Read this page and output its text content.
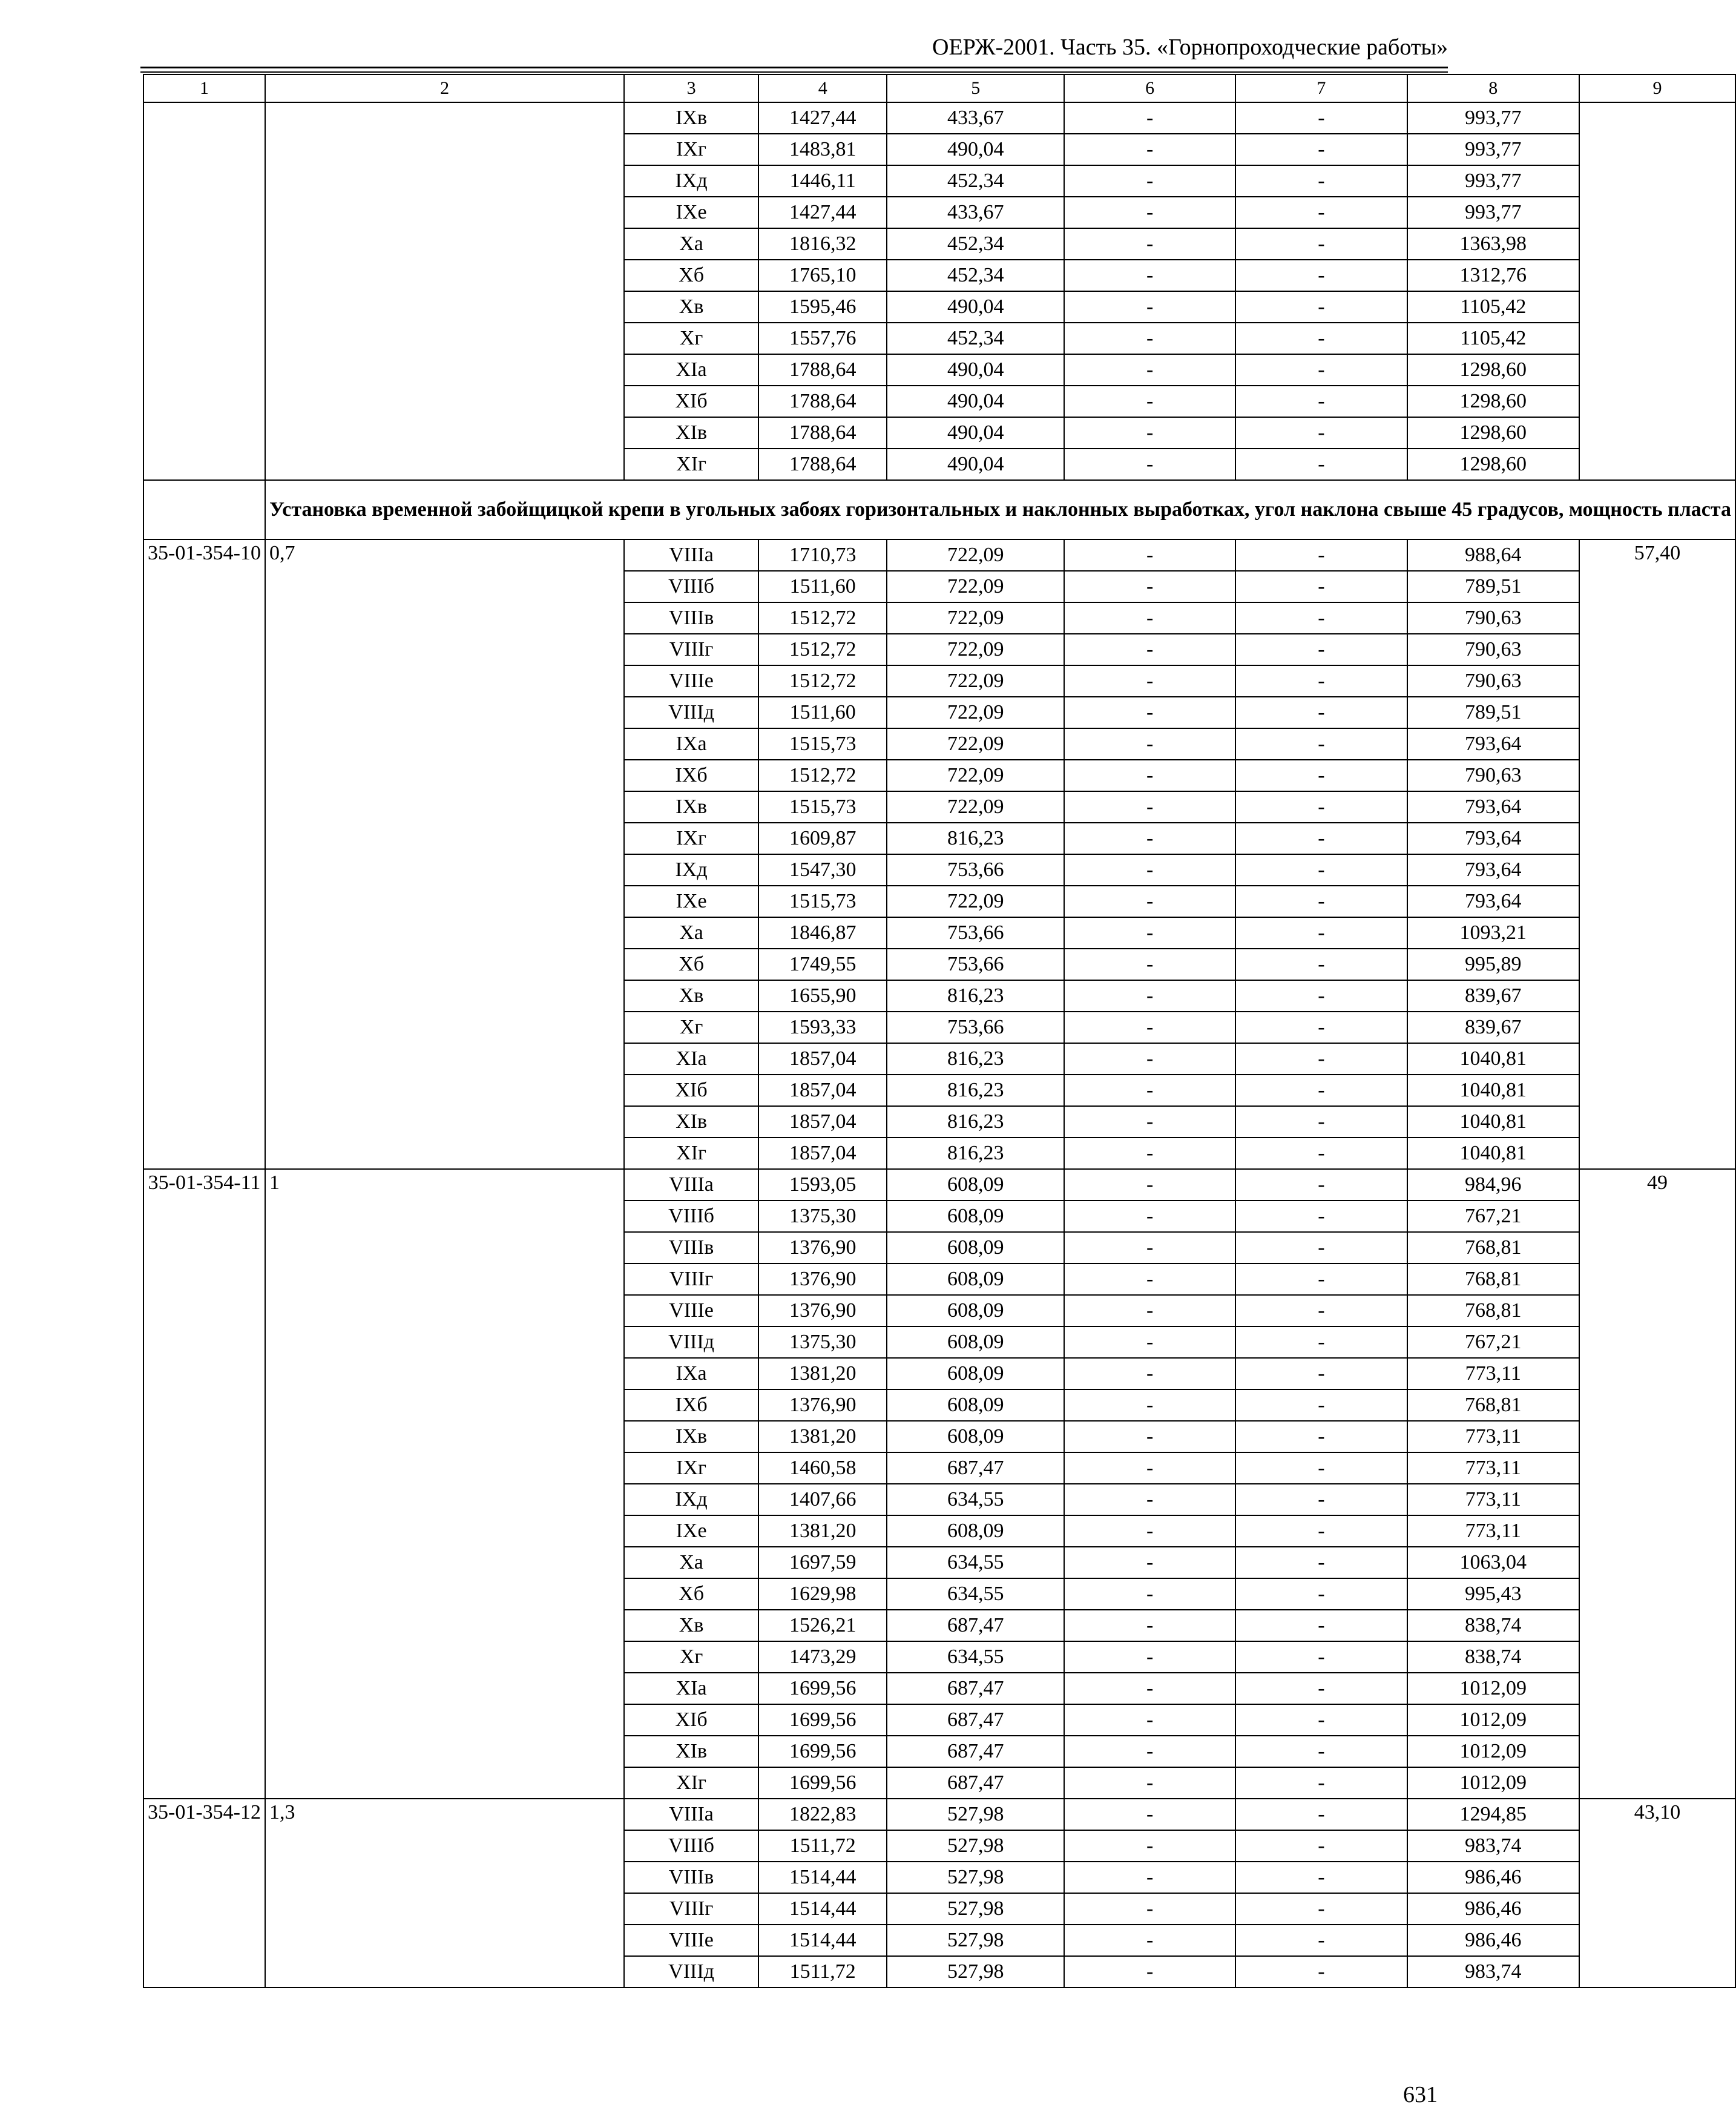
ОЕРЖ-2001. Часть 35. «Горнопроходческие работы»
1	2	3	4	5	6	7	8	9
		IXв	1427,44	433,67	-	-	993,77	
		IXг	1483,81	490,04	-	-	993,77	
		IXд	1446,11	452,34	-	-	993,77	
		IXе	1427,44	433,67	-	-	993,77	
		Xа	1816,32	452,34	-	-	1363,98	
		Xб	1765,10	452,34	-	-	1312,76	
		Xв	1595,46	490,04	-	-	1105,42	
		Xг	1557,76	452,34	-	-	1105,42	
		XIа	1788,64	490,04	-	-	1298,60	
		XIб	1788,64	490,04	-	-	1298,60	
		XIв	1788,64	490,04	-	-	1298,60	
		XIг	1788,64	490,04	-	-	1298,60	
	Установка временной забойщицкой крепи в угольных забоях горизонтальных и наклонных выработках, угол наклона свыше 45 градусов, мощность пласта							
35-01-354-10	0,7	VIIIа	1710,73	722,09	-	-	988,64	57,40
		VIIIб	1511,60	722,09	-	-	789,51	
		VIIIв	1512,72	722,09	-	-	790,63	
		VIIIг	1512,72	722,09	-	-	790,63	
		VIIIе	1512,72	722,09	-	-	790,63	
		VIIIд	1511,60	722,09	-	-	789,51	
		IXа	1515,73	722,09	-	-	793,64	
		IXб	1512,72	722,09	-	-	790,63	
		IXв	1515,73	722,09	-	-	793,64	
		IXг	1609,87	816,23	-	-	793,64	
		IXд	1547,30	753,66	-	-	793,64	
		IXе	1515,73	722,09	-	-	793,64	
		Xа	1846,87	753,66	-	-	1093,21	
		Xб	1749,55	753,66	-	-	995,89	
		Xв	1655,90	816,23	-	-	839,67	
		Xг	1593,33	753,66	-	-	839,67	
		XIа	1857,04	816,23	-	-	1040,81	
		XIб	1857,04	816,23	-	-	1040,81	
		XIв	1857,04	816,23	-	-	1040,81	
		XIг	1857,04	816,23	-	-	1040,81	
35-01-354-11	1	VIIIа	1593,05	608,09	-	-	984,96	49
		VIIIб	1375,30	608,09	-	-	767,21	
		VIIIв	1376,90	608,09	-	-	768,81	
		VIIIг	1376,90	608,09	-	-	768,81	
		VIIIе	1376,90	608,09	-	-	768,81	
		VIIIд	1375,30	608,09	-	-	767,21	
		IXа	1381,20	608,09	-	-	773,11	
		IXб	1376,90	608,09	-	-	768,81	
		IXв	1381,20	608,09	-	-	773,11	
		IXг	1460,58	687,47	-	-	773,11	
		IXд	1407,66	634,55	-	-	773,11	
		IXе	1381,20	608,09	-	-	773,11	
		Xа	1697,59	634,55	-	-	1063,04	
		Xб	1629,98	634,55	-	-	995,43	
		Xв	1526,21	687,47	-	-	838,74	
		Xг	1473,29	634,55	-	-	838,74	
		XIа	1699,56	687,47	-	-	1012,09	
		XIб	1699,56	687,47	-	-	1012,09	
		XIв	1699,56	687,47	-	-	1012,09	
		XIг	1699,56	687,47	-	-	1012,09	
35-01-354-12	1,3	VIIIа	1822,83	527,98	-	-	1294,85	43,10
		VIIIб	1511,72	527,98	-	-	983,74	
		VIIIв	1514,44	527,98	-	-	986,46	
		VIIIг	1514,44	527,98	-	-	986,46	
		VIIIе	1514,44	527,98	-	-	986,46	
		VIIIд	1511,72	527,98	-	-	983,74	
631
